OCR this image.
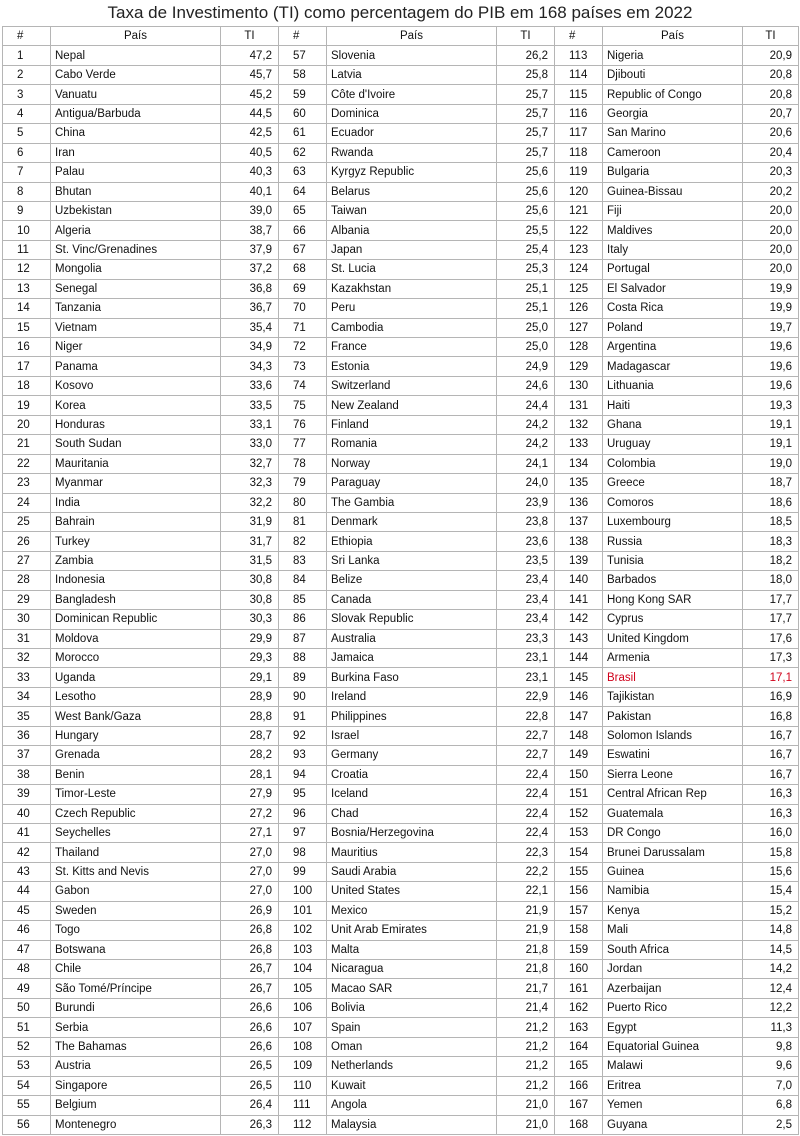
Taxa de Investimento (TI) como percentagem do PIB em 168 países em 2022
#	País	TI	#	País	TI	#	País	TI
1	Nepal	47,2	57	Slovenia	26,2	113	Nigeria	20,9
2	Cabo Verde	45,7	58	Latvia	25,8	114	Djibouti	20,8
3	Vanuatu	45,2	59	Côte d'Ivoire	25,7	115	Republic of Congo	20,8
4	Antigua/Barbuda	44,5	60	Dominica	25,7	116	Georgia	20,7
5	China	42,5	61	Ecuador	25,7	117	San Marino	20,6
6	Iran	40,5	62	Rwanda	25,7	118	Cameroon	20,4
7	Palau	40,3	63	Kyrgyz Republic	25,6	119	Bulgaria	20,3
8	Bhutan	40,1	64	Belarus	25,6	120	Guinea-Bissau	20,2
9	Uzbekistan	39,0	65	Taiwan	25,6	121	Fiji	20,0
10	Algeria	38,7	66	Albania	25,5	122	Maldives	20,0
11	St. Vinc/Grenadines	37,9	67	Japan	25,4	123	Italy	20,0
12	Mongolia	37,2	68	St. Lucia	25,3	124	Portugal	20,0
13	Senegal	36,8	69	Kazakhstan	25,1	125	El Salvador	19,9
14	Tanzania	36,7	70	Peru	25,1	126	Costa Rica	19,9
15	Vietnam	35,4	71	Cambodia	25,0	127	Poland	19,7
16	Niger	34,9	72	France	25,0	128	Argentina	19,6
17	Panama	34,3	73	Estonia	24,9	129	Madagascar	19,6
18	Kosovo	33,6	74	Switzerland	24,6	130	Lithuania	19,6
19	Korea	33,5	75	New Zealand	24,4	131	Haiti	19,3
20	Honduras	33,1	76	Finland	24,2	132	Ghana	19,1
21	South Sudan	33,0	77	Romania	24,2	133	Uruguay	19,1
22	Mauritania	32,7	78	Norway	24,1	134	Colombia	19,0
23	Myanmar	32,3	79	Paraguay	24,0	135	Greece	18,7
24	India	32,2	80	The Gambia	23,9	136	Comoros	18,6
25	Bahrain	31,9	81	Denmark	23,8	137	Luxembourg	18,5
26	Turkey	31,7	82	Ethiopia	23,6	138	Russia	18,3
27	Zambia	31,5	83	Sri Lanka	23,5	139	Tunisia	18,2
28	Indonesia	30,8	84	Belize	23,4	140	Barbados	18,0
29	Bangladesh	30,8	85	Canada	23,4	141	Hong Kong SAR	17,7
30	Dominican Republic	30,3	86	Slovak Republic	23,4	142	Cyprus	17,7
31	Moldova	29,9	87	Australia	23,3	143	United Kingdom	17,6
32	Morocco	29,3	88	Jamaica	23,1	144	Armenia	17,3
33	Uganda	29,1	89	Burkina Faso	23,1	145	Brasil	17,1
34	Lesotho	28,9	90	Ireland	22,9	146	Tajikistan	16,9
35	West Bank/Gaza	28,8	91	Philippines	22,8	147	Pakistan	16,8
36	Hungary	28,7	92	Israel	22,7	148	Solomon Islands	16,7
37	Grenada	28,2	93	Germany	22,7	149	Eswatini	16,7
38	Benin	28,1	94	Croatia	22,4	150	Sierra Leone	16,7
39	Timor-Leste	27,9	95	Iceland	22,4	151	Central African Rep	16,3
40	Czech Republic	27,2	96	Chad	22,4	152	Guatemala	16,3
41	Seychelles	27,1	97	Bosnia/Herzegovina	22,4	153	DR Congo	16,0
42	Thailand	27,0	98	Mauritius	22,3	154	Brunei Darussalam	15,8
43	St. Kitts and Nevis	27,0	99	Saudi Arabia	22,2	155	Guinea	15,6
44	Gabon	27,0	100	United States	22,1	156	Namibia	15,4
45	Sweden	26,9	101	Mexico	21,9	157	Kenya	15,2
46	Togo	26,8	102	Unit Arab Emirates	21,9	158	Mali	14,8
47	Botswana	26,8	103	Malta	21,8	159	South Africa	14,5
48	Chile	26,7	104	Nicaragua	21,8	160	Jordan	14,2
49	São Tomé/Príncipe	26,7	105	Macao SAR	21,7	161	Azerbaijan	12,4
50	Burundi	26,6	106	Bolivia	21,4	162	Puerto Rico	12,2
51	Serbia	26,6	107	Spain	21,2	163	Egypt	11,3
52	The Bahamas	26,6	108	Oman	21,2	164	Equatorial Guinea	9,8
53	Austria	26,5	109	Netherlands	21,2	165	Malawi	9,6
54	Singapore	26,5	110	Kuwait	21,2	166	Eritrea	7,0
55	Belgium	26,4	111	Angola	21,0	167	Yemen	6,8
56	Montenegro	26,3	112	Malaysia	21,0	168	Guyana	2,5
